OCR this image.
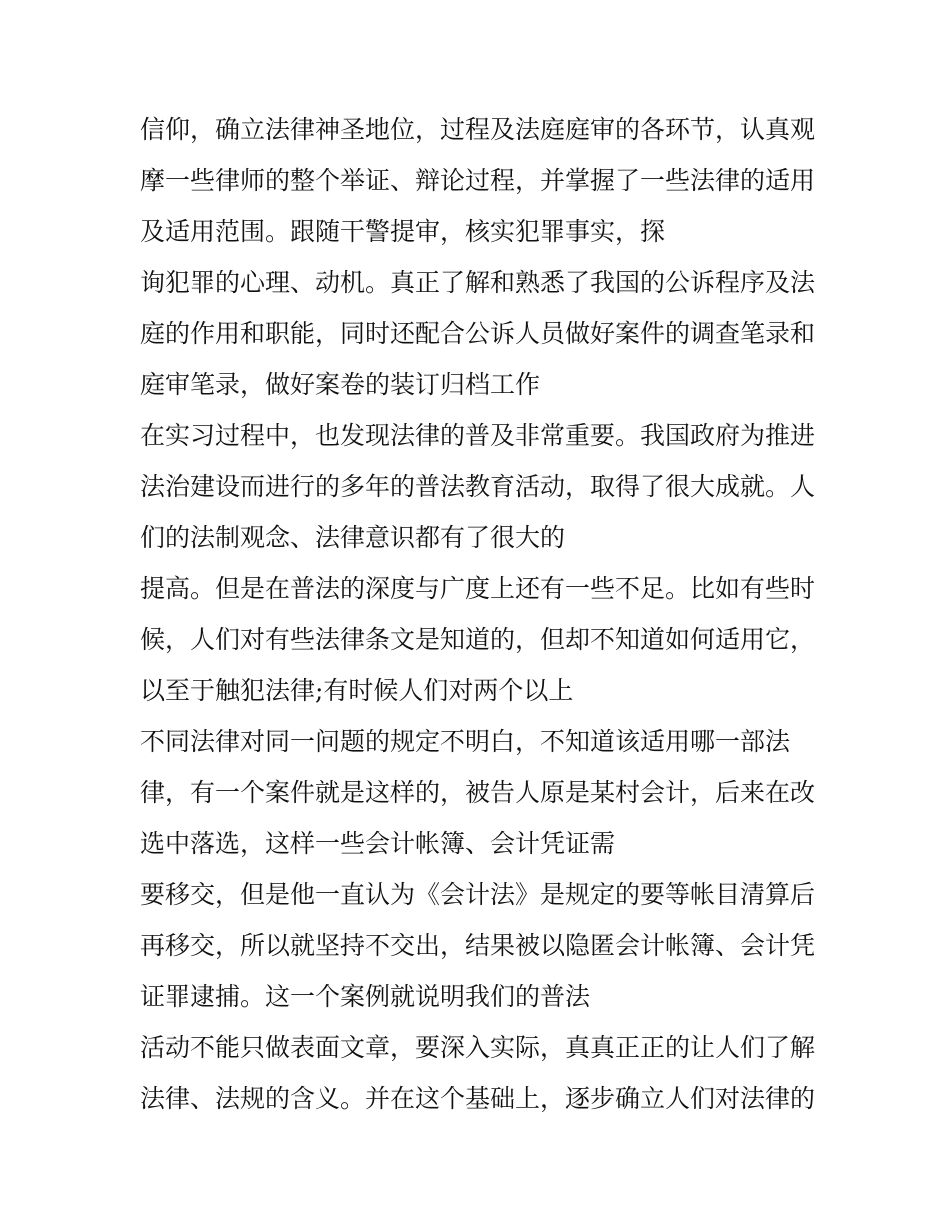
信仰，确立法律神圣地位，过程及法庭庭审的各环节，认真观
摩一些律师的整个举证、辩论过程，并掌握了一些法律的适用
及适用范围。跟随干警提审，核实犯罪事实，探
询犯罪的心理、动机。真正了解和熟悉了我国的公诉程序及法
庭的作用和职能，同时还配合公诉人员做好案件的调查笔录和
庭审笔录，做好案卷的装订归档工作
在实习过程中，也发现法律的普及非常重要。我国政府为推进
法治建设而进行的多年的普法教育活动，取得了很大成就。人
们的法制观念、法律意识都有了很大的
提高。但是在普法的深度与广度上还有一些不足。比如有些时
候，人们对有些法律条文是知道的，但却不知道如何适用它，
以至于触犯法律;有时候人们对两个以上
不同法律对同一问题的规定不明白，不知道该适用哪一部法
律，有一个案件就是这样的，被告人原是某村会计，后来在改
选中落选，这样一些会计帐簿、会计凭证需
要移交，但是他一直认为《会计法》是规定的要等帐目清算后
再移交，所以就坚持不交出，结果被以隐匿会计帐簿、会计凭
证罪逮捕。这一个案例就说明我们的普法
活动不能只做表面文章，要深入实际，真真正正的让人们了解
法律、法规的含义。并在这个基础上，逐步确立人们对法律的
